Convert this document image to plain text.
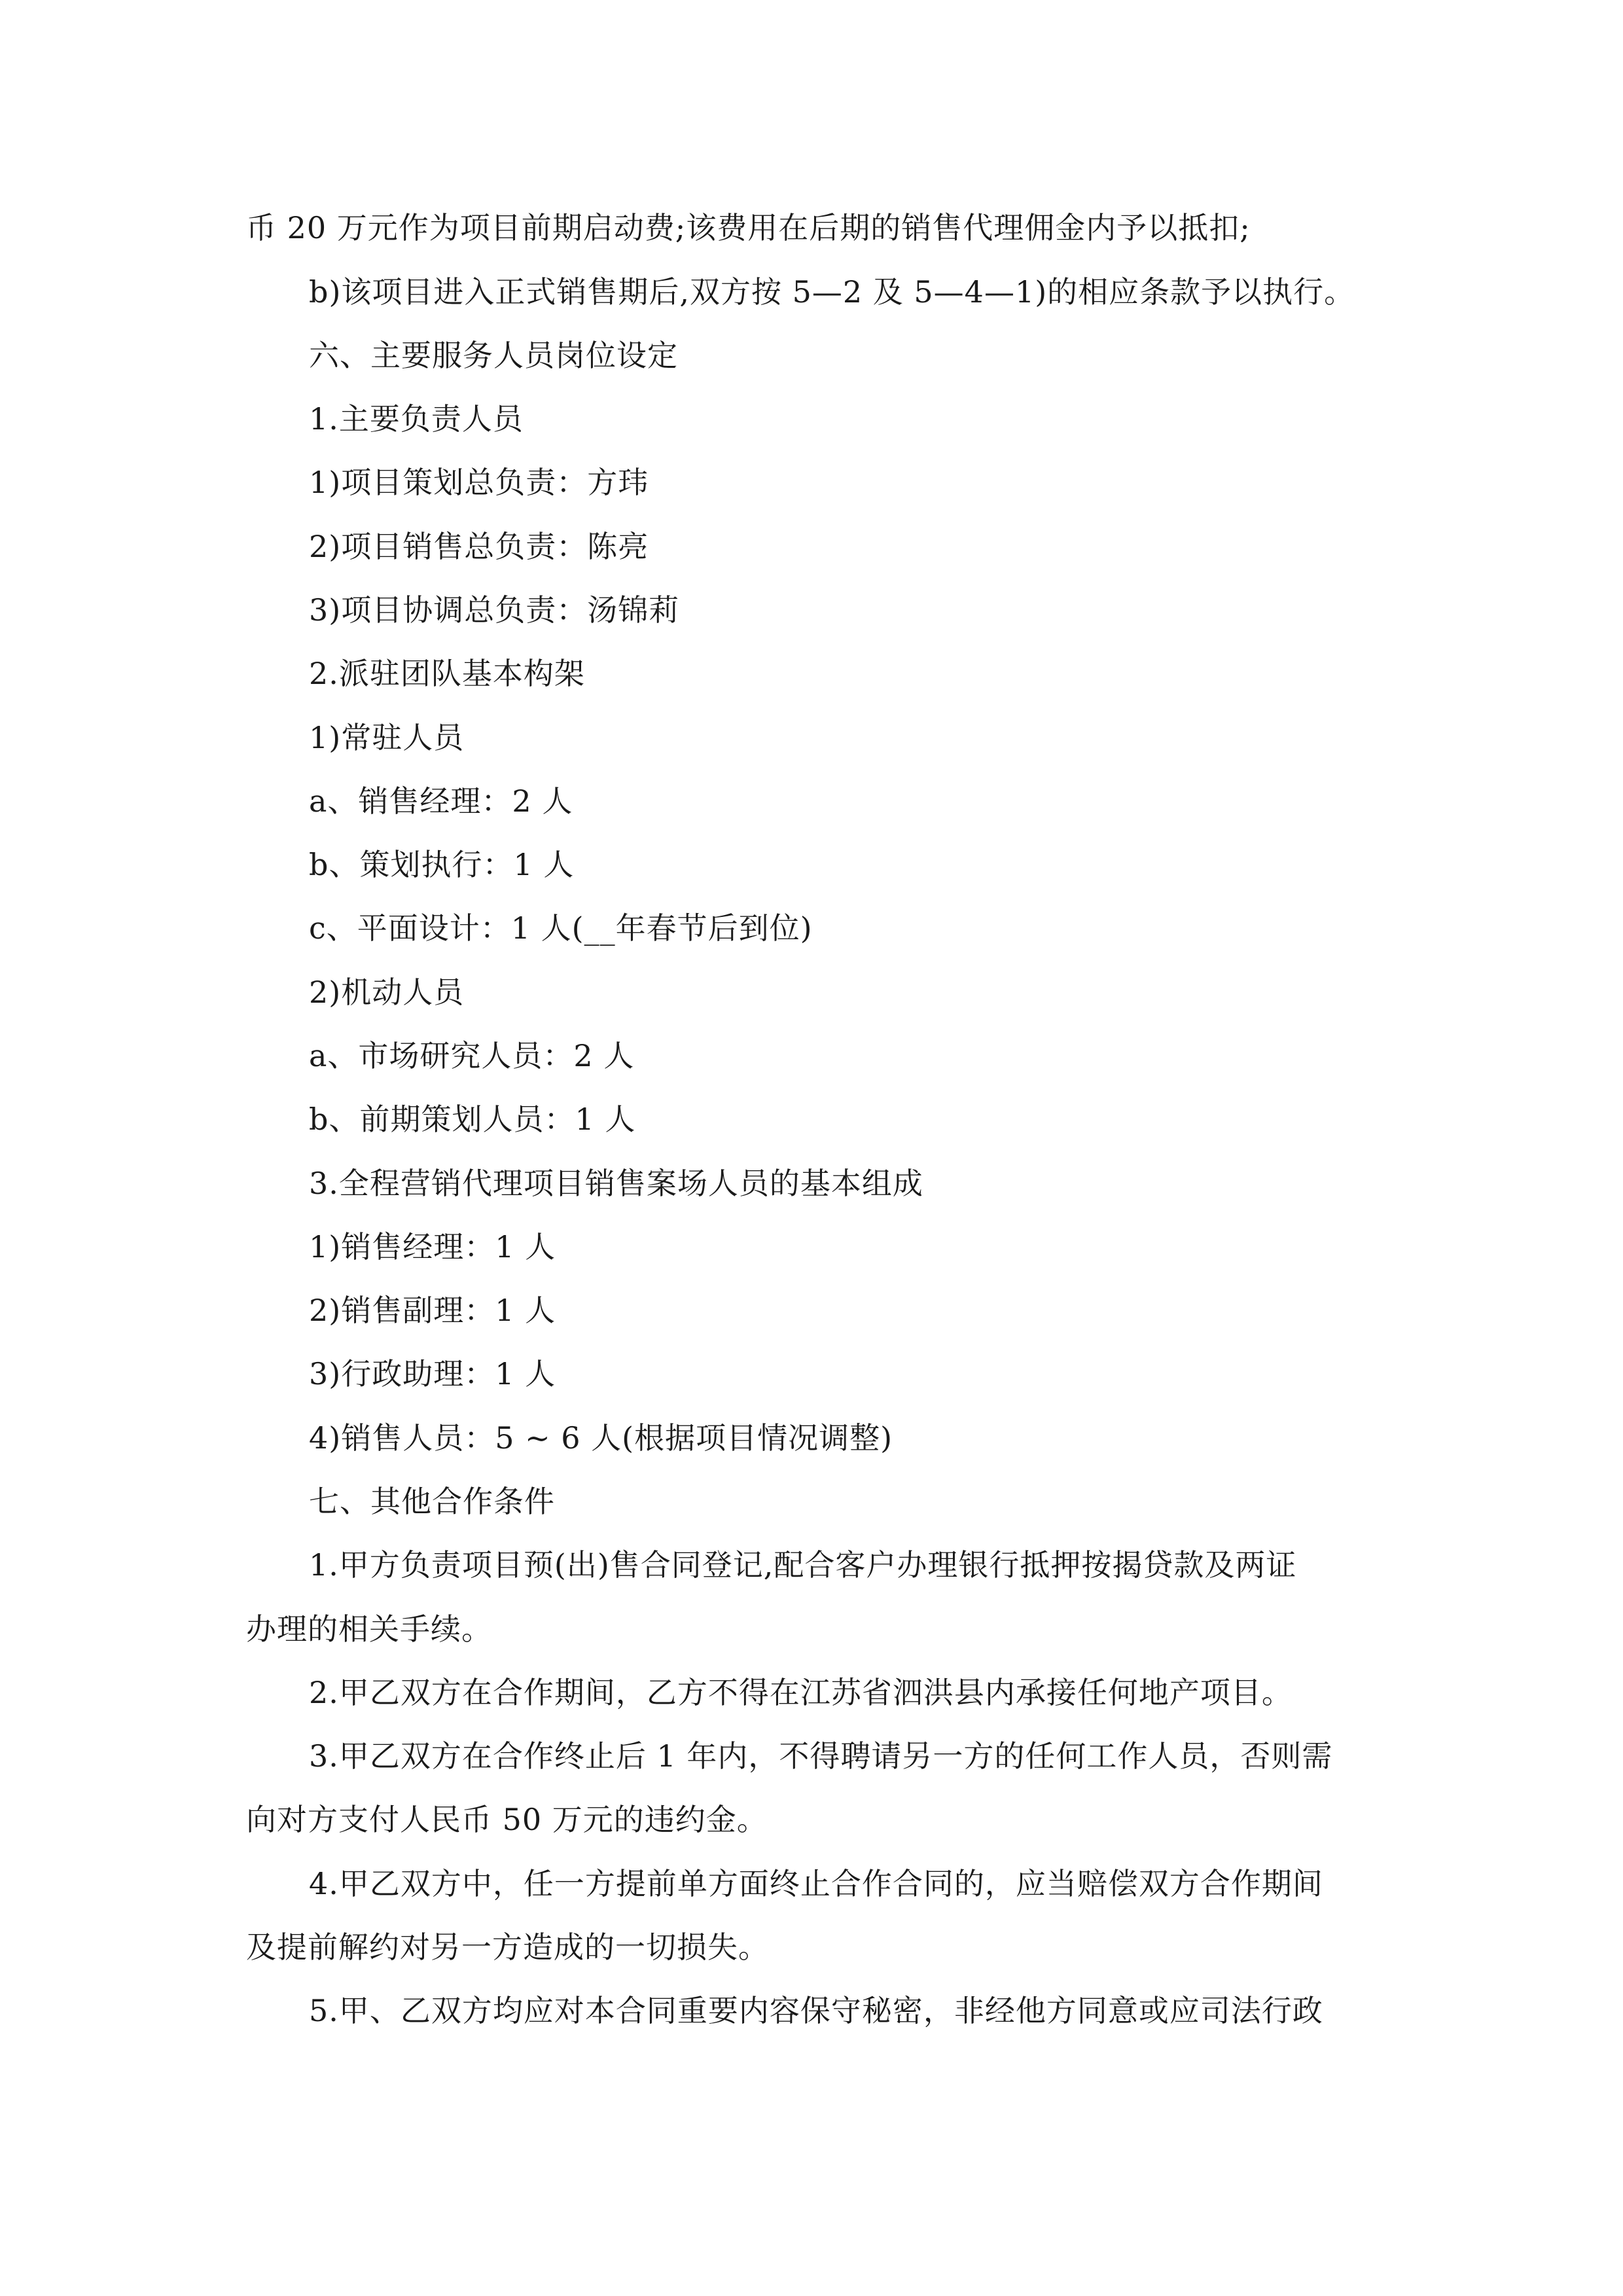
币 20 万元作为项目前期启动费;该费用在后期的销售代理佣金内予以抵扣;
b)该项目进入正式销售期后,双方按 5—2 及 5—4—1)的相应条款予以执行。
六、主要服务人员岗位设定
1.主要负责人员
1)项目策划总负责：方玮
2)项目销售总负责：陈亮
3)项目协调总负责：汤锦莉
2.派驻团队基本构架
1)常驻人员
a、销售经理：2 人
b、策划执行：1 人
c、平面设计：1 人(__年春节后到位)
2)机动人员
a、市场研究人员：2 人
b、前期策划人员：1 人
3.全程营销代理项目销售案场人员的基本组成
1)销售经理：1 人
2)销售副理：1 人
3)行政助理：1 人
4)销售人员：5 ~ 6 人(根据项目情况调整)
七、其他合作条件
1.甲方负责项目预(出)售合同登记,配合客户办理银行抵押按揭贷款及两证
办理的相关手续。
2.甲乙双方在合作期间，乙方不得在江苏省泗洪县内承接任何地产项目。
3.甲乙双方在合作终止后 1 年内，不得聘请另一方的任何工作人员，否则需
向对方支付人民币 50 万元的违约金。
4.甲乙双方中，任一方提前单方面终止合作合同的，应当赔偿双方合作期间
及提前解约对另一方造成的一切损失。
5.甲、乙双方均应对本合同重要内容保守秘密，非经他方同意或应司法行政
